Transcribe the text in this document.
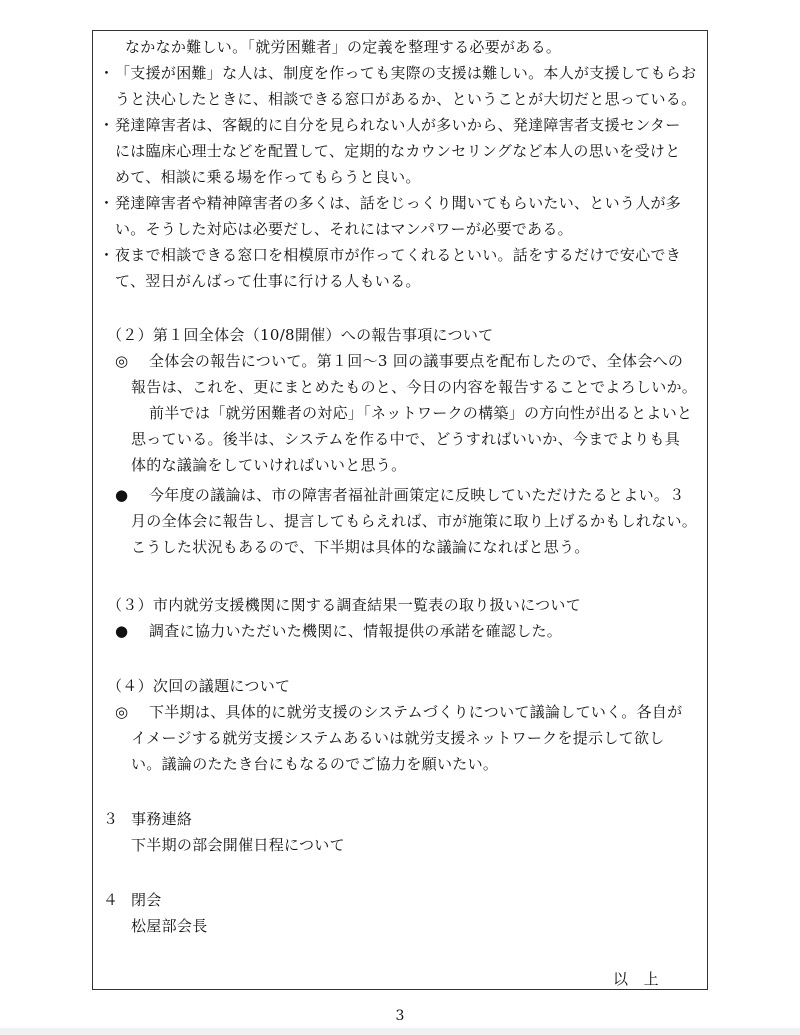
なかなか難しい。「就労困難者」の定義を整理する必要がある。
・ 「支援が困難」な人は、制度を作っても実際の支援は難しい。本人が支援してもらお
うと決心したときに、相談できる窓口があるか、ということが大切だと思っている。
・ 発達障害者は、客観的に自分を見られない人が多いから、発達障害者支援センター
には臨床心理士などを配置して、定期的なカウンセリングなど本人の思いを受けと
めて、相談に乗る場を作ってもらうと良い。
・ 発達障害者や精神障害者の多くは、話をじっくり聞いてもらいたい、という人が多
い。そうした対応は必要だし、それにはマンパワーが必要である。
・ 夜まで相談できる窓口を相模原市が作ってくれるといい。話をするだけで安心でき
て、翌日がんばって仕事に行ける人もいる。
（２）第１回全体会（10/8開催）への報告事項について
◎ 全体会の報告について。第１回～3 回の議事要点を配布したので、全体会への
報告は、これを、更にまとめたものと、今日の内容を報告することでよろしいか。
前半では「就労困難者の対応」「ネットワークの構築」の方向性が出るとよいと
思っている。後半は、システムを作る中で、どうすればいいか、今までよりも具
体的な議論をしていければいいと思う。
● 今年度の議論は、市の障害者福祉計画策定に反映していただけたるとよい。３
月の全体会に報告し、提言してもらえれば、市が施策に取り上げるかもしれない。
こうした状況もあるので、下半期は具体的な議論になればと思う。
（３）市内就労支援機関に関する調査結果一覧表の取り扱いについて
● 調査に協力いただいた機関に、情報提供の承諾を確認した。
（４）次回の議題について
◎ 下半期は、具体的に就労支援のシステムづくりについて議論していく。各自が
イメージする就労支援システムあるいは就労支援ネットワークを提示して欲し
い。議論のたたき台にもなるのでご協力を願いたい。
３ 事務連絡
下半期の部会開催日程について
４ 閉会
松屋部会長
以　上
3
